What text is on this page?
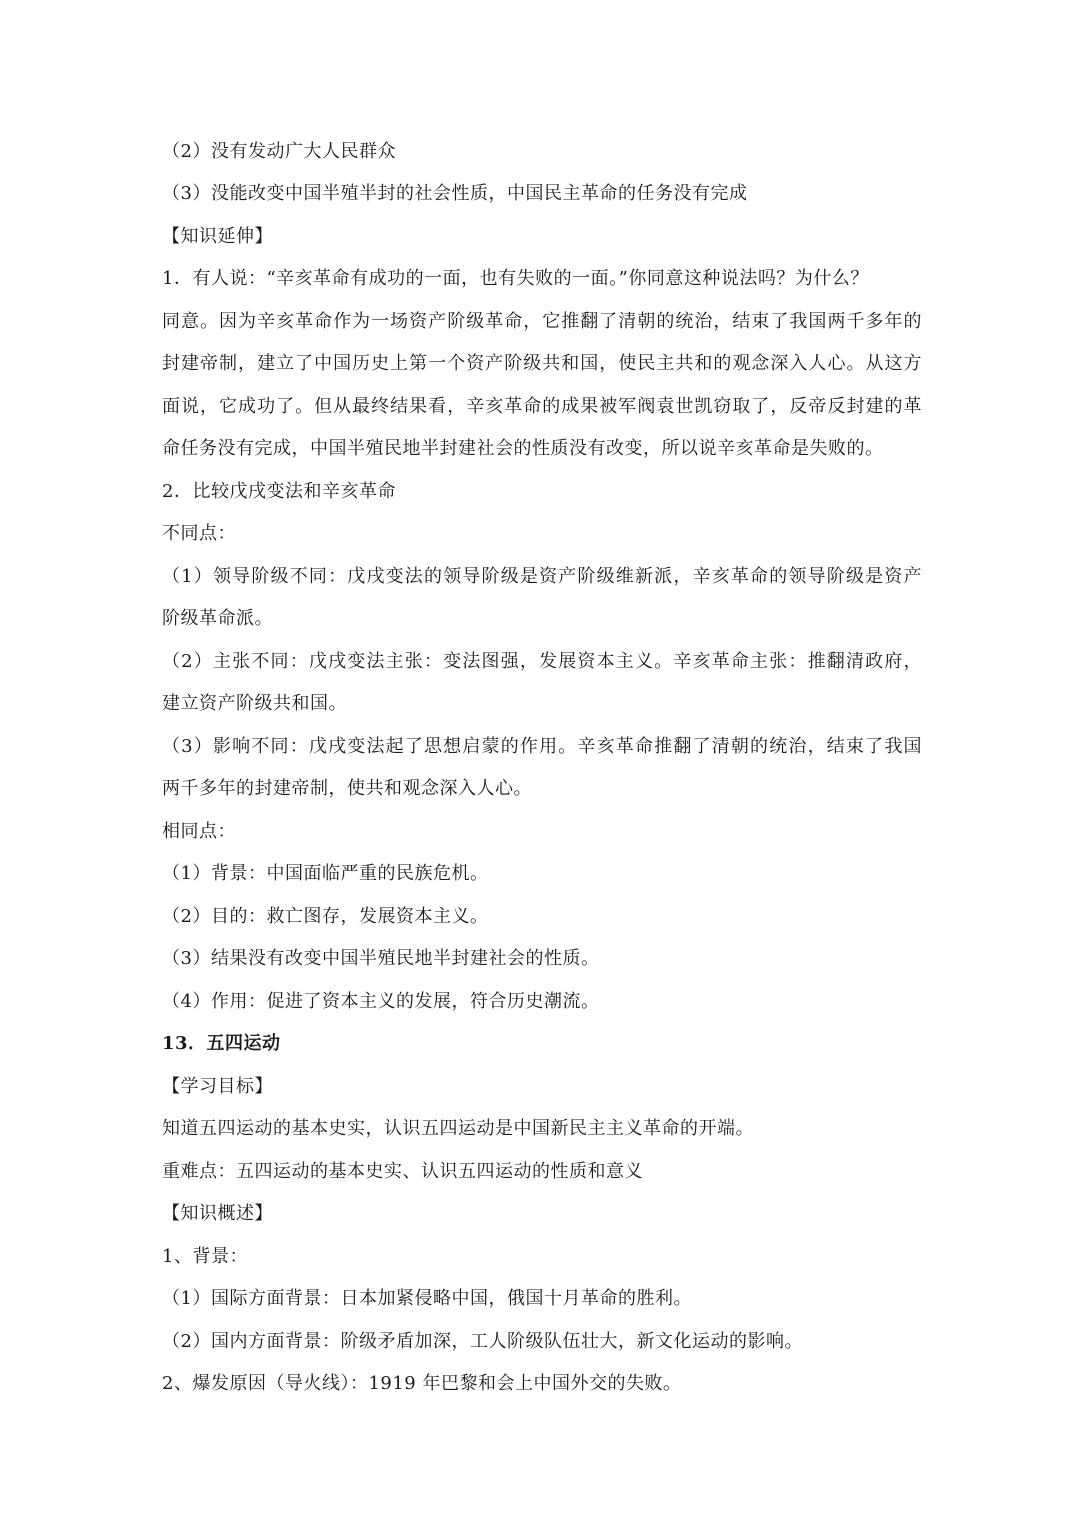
（2）没有发动广大人民群众
（3）没能改变中国半殖半封的社会性质，中国民主革命的任务没有完成
【知识延伸】
1．有人说：“辛亥革命有成功的一面，也有失败的一面。”你同意这种说法吗？为什么？
同意。因为辛亥革命作为一场资产阶级革命，它推翻了清朝的统治，结束了我国两千多年的
封建帝制，建立了中国历史上第一个资产阶级共和国，使民主共和的观念深入人心。从这方
面说，它成功了。但从最终结果看，辛亥革命的成果被军阀袁世凯窃取了，反帝反封建的革
命任务没有完成，中国半殖民地半封建社会的性质没有改变，所以说辛亥革命是失败的。
2．比较戊戌变法和辛亥革命
不同点：
（1）领导阶级不同：戊戌变法的领导阶级是资产阶级维新派，辛亥革命的领导阶级是资产
阶级革命派。
（2）主张不同：戊戌变法主张：变法图强，发展资本主义。辛亥革命主张：推翻清政府，
建立资产阶级共和国。
（3）影响不同：戊戌变法起了思想启蒙的作用。辛亥革命推翻了清朝的统治，结束了我国
两千多年的封建帝制，使共和观念深入人心。
相同点：
（1）背景：中国面临严重的民族危机。
（2）目的：救亡图存，发展资本主义。
（3）结果没有改变中国半殖民地半封建社会的性质。
（4）作用：促进了资本主义的发展，符合历史潮流。
13．五四运动
【学习目标】
知道五四运动的基本史实，认识五四运动是中国新民主主义革命的开端。
重难点：五四运动的基本史实、认识五四运动的性质和意义
【知识概述】
1、背景：
（1）国际方面背景：日本加紧侵略中国，俄国十月革命的胜利。
（2）国内方面背景：阶级矛盾加深，工人阶级队伍壮大，新文化运动的影响。
2、爆发原因（导火线）：1919 年巴黎和会上中国外交的失败。
